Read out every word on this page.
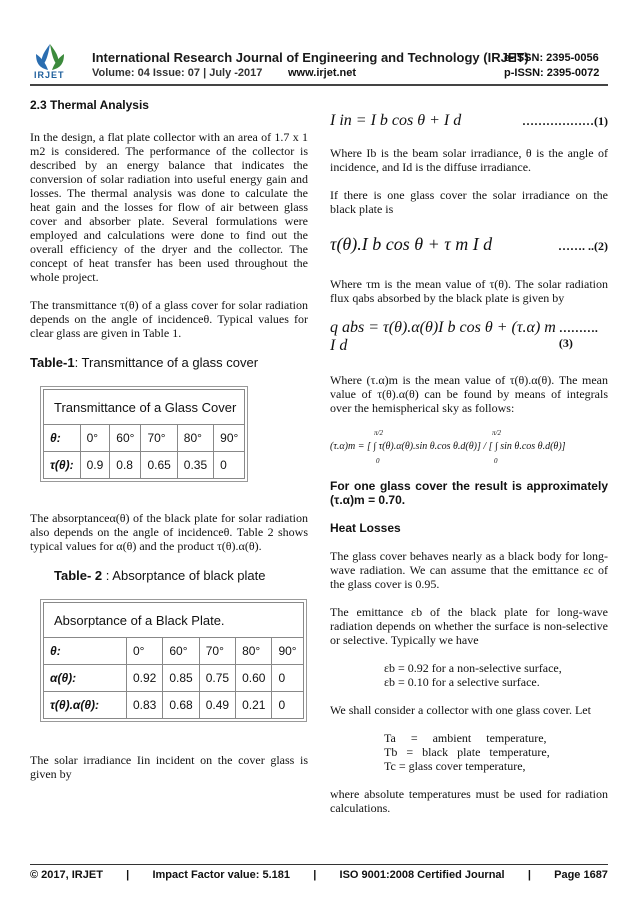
IRJET
International Research Journal of Engineering and Technology (IRJET)
e-ISSN: 2395-0056
Volume: 04 Issue: 07 | July -2017 www.irjet.net	p-ISSN: 2395-0072

2.3 Thermal Analysis

In the design, a flat plate collector with an area of 1.7 x 1 m2 is considered. The performance of the collector is described by an energy balance that indicates the conversion of solar radiation into useful energy gain and losses. The thermal analysis was done to calculate the heat gain and the losses for flow of air between glass cover and absorber plate. Several formulations were employed and calculations were done to find out the overall efficiency of the dryer and the collector. The concept of heat transfer has been used throughout the whole project.

The transmittance τ(θ) of a glass cover for solar radiation depends on the angle of incidenceθ. Typical values for clear glass are given in Table 1.

Table-1: Transmittance of a glass cover

Transmittance of a Glass Cover					
θ:	0°	60°	70°	80°	90°
τ(θ):	0.9	0.8	0.65	0.35	0

The absorptanceα(θ) of the black plate for solar radiation also depends on the angle of incidenceθ. Table 2 shows typical values for α(θ) and the product τ(θ).α(θ).

Table- 2 : Absorptance of black plate

Absorptance of a Black Plate.					
θ:	0°	60°	70°	80°	90°
α(θ):	0.92	0.85	0.75	0.60	0
τ(θ).α(θ):	0.83	0.68	0.49	0.21	0

The solar irradiance Iin incident on the cover glass is given by

I in = I b cos θ + I d	………………(1)

Where Ib is the beam solar irradiance, θ is the angle of incidence, and Id is the diffuse irradiance.

If there is one glass cover the solar irradiance on the black plate is

τ(θ).I b cos θ + τ m I d	……. ..(2)

Where τm is the mean value of τ(θ). The solar radiation flux qabs absorbed by the black plate is given by

q abs = τ(θ).α(θ)I b cos θ + (τ.α) m I d
……….(3)

Where (τ.α)m is the mean value of τ(θ).α(θ). The mean value of τ(θ).α(θ) can be found by means of integrals over the hemispherical sky as follows:

π/2	π/2
(τ.α)m = [ ∫ τ(θ).α(θ).sin θ.cos θ.d(θ)] / [ ∫ sin θ.cos θ.d(θ)]
0	0

For one glass cover the result is approximately (τ.α)m = 0.70.

Heat Losses

The glass cover behaves nearly as a black body for long-wave radiation. We can assume that the emittance εc of the glass cover is 0.95.

The emittance εb of the black plate for long-wave radiation depends on whether the surface is non-selective or selective. Typically we have

εb = 0.92 for a non-selective surface,

εb = 0.10 for a selective surface.

We shall consider a collector with one glass cover. Let

Ta     =     ambient     temperature,

Tb   =   black   plate   temperature,

Tc = glass cover temperature,

where absolute temperatures must be used for radiation calculations.

© 2017, IRJET | Impact Factor value: 5.181 | ISO 9001:2008 Certified Journal | Page 1687
